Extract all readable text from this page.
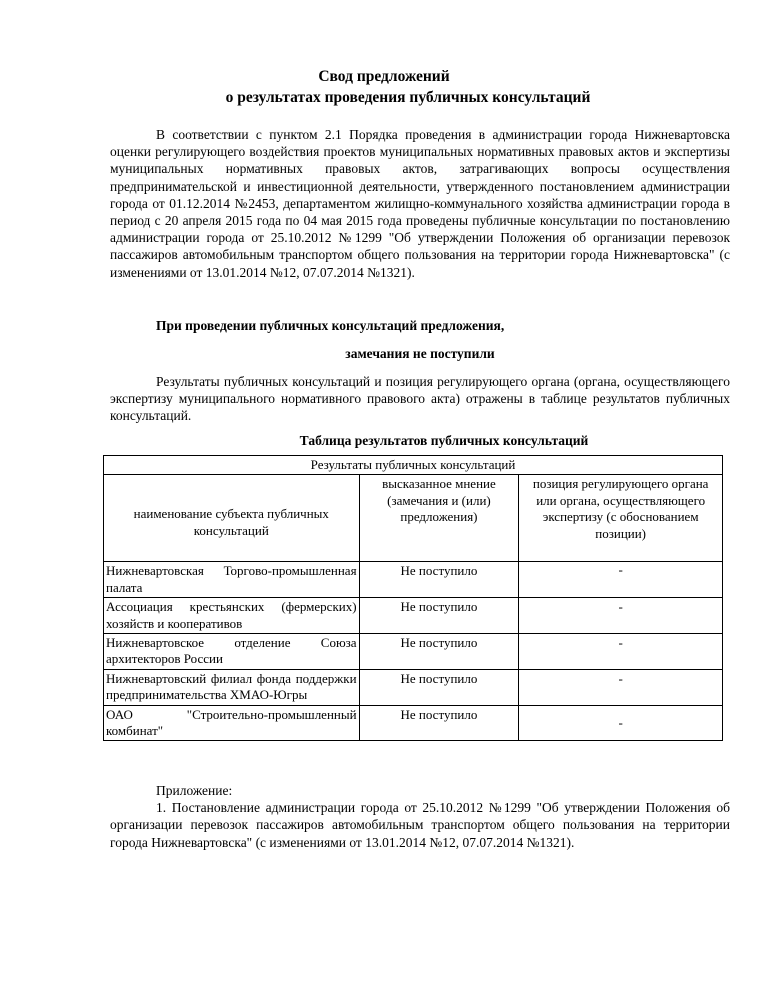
Свод предложений
о результатах проведения публичных консультаций
В соответствии с пунктом 2.1 Порядка проведения в администрации города Нижневартовска оценки регулирующего воздействия проектов муниципальных нормативных правовых актов и экспертизы муниципальных нормативных правовых актов, затрагивающих вопросы осуществления предпринимательской и инвестиционной деятельности, утвержденного постановлением администрации города от 01.12.2014 №2453, департаментом жилищно-коммунального хозяйства администрации города в период с 20 апреля 2015 года по 04 мая 2015 года проведены публичные консультации по постановлению администрации города от 25.10.2012 №1299 "Об утверждении Положения об организации перевозок пассажиров автомобильным транспортом общего пользования на территории города Нижневартовска" (с изменениями от 13.01.2014 №12, 07.07.2014 №1321).
При проведении публичных консультаций предложения,
замечания не поступили
Результаты публичных консультаций и позиция регулирующего органа (органа, осуществляющего экспертизу муниципального нормативного правового акта) отражены в таблице результатов публичных консультаций.
Таблица результатов публичных консультаций
Результаты публичных консультаций		
наименование субъекта публичных консультаций	высказанное мнение (замечания и (или) предложения)	позиция регулирующего органа или органа, осуществляющего экспертизу (с обоснованием позиции)
Нижневартовская Торгово-промышленная палата	Не поступило	-
Ассоциация крестьянских (фермерских) хозяйств и кооперативов	Не поступило	-
Нижневартовское отделение Союза архитекторов России	Не поступило	-
Нижневартовский филиал фонда поддержки предпринимательства ХМАО-Югры	Не поступило	-
ОАО "Строительно-промышленный комбинат"	Не поступило	-
Приложение:
1. Постановление администрации города от 25.10.2012 №1299 "Об утверждении Положения об организации перевозок пассажиров автомобильным транспортом общего пользования на территории города Нижневартовска" (с изменениями от 13.01.2014 №12, 07.07.2014 №1321).
